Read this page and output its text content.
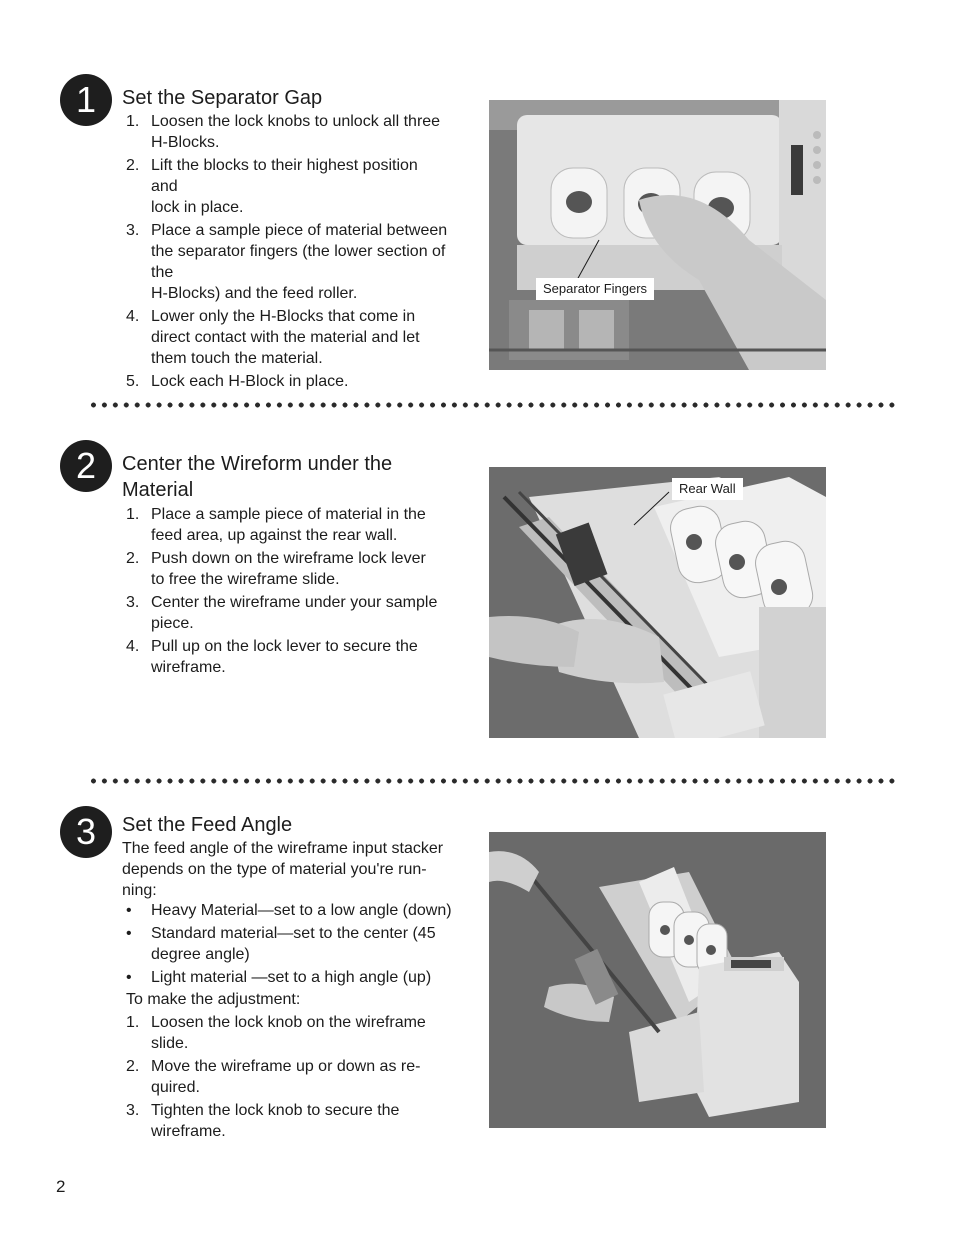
1	Set the Separator Gap
1. Loosen the lock knobs to unlock all three
H-Blocks.
2. Lift the blocks to their highest position
and
lock in place.
3. Place a sample piece of material between
the separator fingers (the lower section of
the
H-Blocks) and the feed roller.
4. Lower only the H-Blocks that come in
direct contact with the material and let
them touch the material.
5. Lock each H-Block in place.
Separator Fingers
2	Center the Wireform under the
Material
1. Place a sample piece of material in the
feed area, up against the rear wall.
2. Push down on the wireframe lock lever
to free the wireframe slide.
3. Center the wireframe under your sample
piece.
4. Pull up on the lock lever to secure the
wireframe.
Rear Wall
3	Set the Feed Angle

The feed angle of the wireframe input stacker
depends on the type of material you're run-
ning:

• Heavy Material—set to a low angle (down)
• Standard material—set to the center (45
degree angle)
• Light material —set to a high angle (up)

To make the adjustment:

1. Loosen the lock knob on the wireframe
slide.
2. Move the wireframe up or down as re-
quired.
3. Tighten the lock knob to secure the
wireframe.
2
